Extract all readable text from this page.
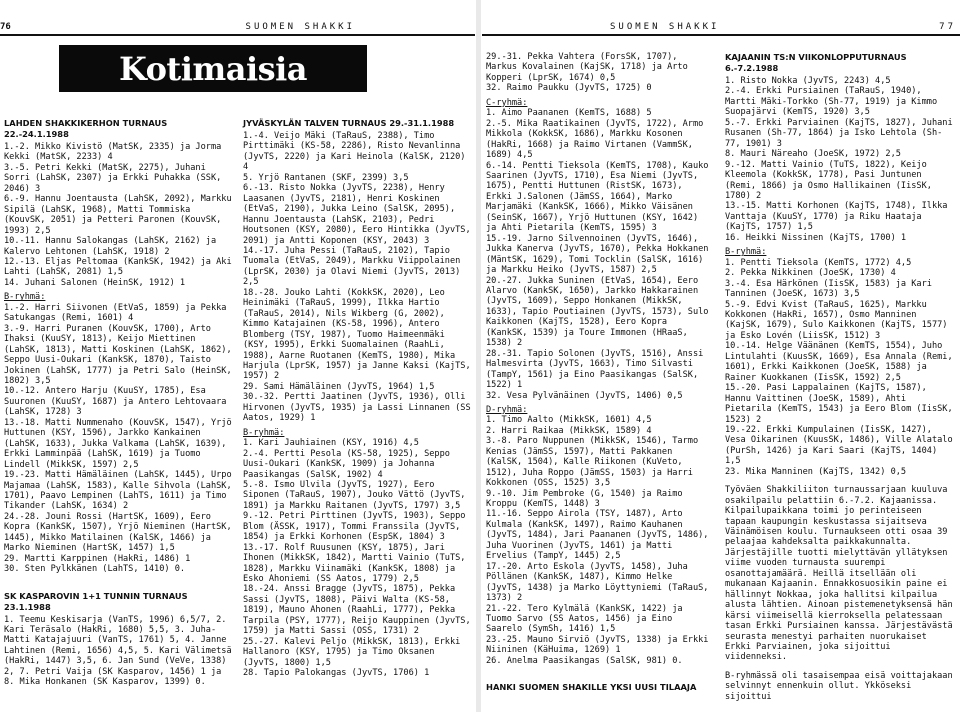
76	SUOMEN SHAKKI
Kotimaisia kilpailuja

LAHDEN SHAKKIKERHON TURNAUS 22.-24.1.1988

1.-2. Mikko Kivistö (MatSK, 2335) ja Jorma Kekki (MatSK, 2233) 4

3.-5. Petri Kekki (MatSK, 2275), Juhani Sorri (LahSK, 2307) ja Erkki Puhakka (SSK, 2046) 3

6.-9. Hannu Joentausta (LahSK, 2092), Markku Sipilä (LahSK, 1968), Matti Tommiska (KouvSK, 2051) ja Petteri Paronen (KouvSK, 1993) 2,5

10.-11. Hannu Salokangas (LahSK, 2162) ja Kalervo Lehtonen (LahSK, 1918) 2

12.-13. Eljas Peltomaa (KankSK, 1942) ja Aki Lahti (LahSK, 2081) 1,5

14. Juhani Salonen (HeinSK, 1912) 1

B-ryhmä:

1.-2. Harri Siivonen (EtVaS, 1859) ja Pekka Satukangas (Remi, 1601) 4

3.-9. Harri Puranen (KouvSK, 1700), Arto Ihaksi (KuuSY, 1813), Keijo Miettinen (LahSK, 1813), Matti Koskinen (LahSK, 1862), Seppo Uusi-Oukari (KankSK, 1870), Taisto Jokinen (LahSK, 1777) ja Petri Salo (HeinSK, 1802) 3,5

10.-12. Antero Harju (KuuSY, 1785), Esa Suuronen (KuuSY, 1687) ja Antero Lehtovaara (LahSK, 1728) 3

13.-18. Matti Nummenaho (KouvSK, 1547), Yrjö Huttunen (KSY, 1596), Jarkko Kankainen (LahSK, 1633), Jukka Valkama (LahSK, 1639), Erkki Lamminpää (LahSK, 1619) ja Tuomo Lindell (MikkSK, 1597) 2,5

19.-23. Matti Hämäläinen (LahSK, 1445), Urpo Majamaa (LahSK, 1583), Kalle Sihvola (LahSK, 1701), Paavo Lempinen (LahTS, 1611) ja Timo Tikander (LahSK, 1634) 2

24.-28. Jouni Rossi (HartSK, 1609), Eero Kopra (KankSK, 1507), Yrjö Nieminen (HartSK, 1445), Mikko Matilainen (KalSK, 1466) ja Marko Nieminen (HartSK, 1457) 1,5

29. Martti Karppinen (HakRi, 1486) 1

30. Sten Pylkkänen (LahTS, 1410) 0.

SK KASPAROVIN 1+1 TUNNIN TURNAUS 23.1.1988

1. Teemu Keskisarja (VanTS, 1996) 6,5/7, 2. Kari Teräsalo (HakRi, 1680) 5,5, 3. Juha-Matti Katajajuuri (VanTS, 1761) 5, 4. Janne Lahtinen (Remi, 1656) 4,5, 5. Kari Välimetsä (HakRi, 1447) 3,5, 6. Jan Sund (VeVe, 1338) 2, 7. Petri Vaija (SK Kasparov, 1456) 1 ja 8. Mika Honkanen (SK Kasparov, 1399) 0.

JYVÄSKYLÄN TALVEN TURNAUS 29.-31.1.1988

1.-4. Veijo Mäki (TaRauS, 2388), Timo Pirttimäki (KS-58, 2286), Risto Nevanlinna (JyvTS, 2220) ja Kari Heinola (KalSK, 2120) 4

5. Yrjö Rantanen (SKF, 2399) 3,5

6.-13. Risto Nokka (JyvTS, 2238), Henry Laasanen (JyvTS, 2181), Henri Koskinen (EtVaS, 2190), Jukka Leino (SalSK, 2095), Hannu Joentausta (LahSK, 2103), Pedri Houtsonen (KSY, 2080), Eero Hintikka (JyvTS, 2091) ja Antti Koponen (KSY, 2043) 3

14.-17. Juha Pessi (TaRauS, 2102), Tapio Tuomala (EtVaS, 2049), Markku Viippolainen (LprSK, 2030) ja Olavi Niemi (JyvTS, 2013) 2,5

18.-28. Jouko Lahti (KokkSK, 2020), Leo Heinimäki (TaRauS, 1999), Ilkka Hartio (TaRauS, 2014), Nils Wikberg (G, 2002), Kimmo Katajainen (KS-58, 1996), Antero Blomberg (TSY, 1987), Tuomo Haimeenmäki (KSY, 1995), Erkki Suomalainen (RaahLi, 1988), Aarne Ruotanen (KemTS, 1980), Mika Harjula (LprSK, 1957) ja Janne Kaksi (KajTS, 1957) 2

29. Sami Hämäläinen (JyvTS, 1964) 1,5

30.-32. Pertti Jaatinen (JyvTS, 1936), Olli Hirvonen (JyvTS, 1935) ja Lassi Linnanen (SS Aatos, 1929) 1

B-ryhmä:

1. Kari Jauhiainen (KSY, 1916) 4,5

2.-4. Pertti Pesola (KS-58, 1925), Seppo Uusi-Oukari (KankSK, 1909) ja Johanna Paasikangas (SalSK, 1902) 4

5.-8. Ismo Ulvila (JyvTS, 1927), Eero Siponen (TaRauS, 1907), Jouko Vättö (JyvTS, 1891) ja Markku Raitanen (JyvTS, 1797) 3,5

9.-12. Petri Pirttinen (JyvTS, 1903), Seppo Blom (ÄSSK, 1917), Tommi Franssila (JyvTS, 1854) ja Erkki Korhonen (EspSK, 1804) 3

13.-17. Rolf Ruusunen (KSY, 1875), Jari Ihonen (MikkSK, 1842), Martti Vainio (TuTS, 1828), Markku Viinamäki (KankSK, 1808) ja Esko Ahoniemi (SS Aatos, 1779) 2,5

18.-24. Anssi Bragge (JyvTS, 1875), Pekka Sassi (JyvTS, 1808), Päivi Walta (KS-58, 1819), Mauno Ahonen (RaahLi, 1777), Pekka Tarpila (PSY, 1777), Reijo Kauppinen (JyvTS, 1759) ja Matti Sassi (OSS, 1731) 2

25.-27. Kalevi Peljo (MikkSK, 1813), Erkki Hallanoro (KSY, 1795) ja Timo Oksanen (JyvTS, 1800) 1,5

28. Tapio Palokangas (JyvTS, 1706) 1

SUOMEN SHAKKI	77

29.-31. Pekka Vahtera (ForsSK, 1707), Markus Kovalainen (KajSK, 1718) ja Arto Kopperi (LprSK, 1674) 0,5

32. Raimo Paukku (JyvTS, 1725) 0

C-ryhmä:

1. Aimo Paananen (KemTS, 1688) 5

2.-5. Mika Raatikainen (JyvTS, 1722), Armo Mikkola (KokkSK, 1686), Markku Kosonen (HakRi, 1668) ja Raimo Virtanen (VammSK, 1689) 4,5

6.-14. Pentti Tieksola (KemTS, 1708), Kauko Saarinen (JyvTS, 1710), Esa Niemi (JyvTS, 1675), Pentti Huttunen (RistSK, 1673), Erkki J.Salonen (JämSS, 1664), Marko Marjamäki (KankSK, 1666), Mikko Väisänen (SeinSK, 1667), Yrjö Huttunen (KSY, 1642) ja Ahti Pietarila (KemTS, 1595) 3

15.-19. Jarno Silvennoinen (JyvTS, 1646), Jukka Kanerva (JyvTS, 1670), Pekka Hokkanen (MäntSK, 1629), Tomi Tocklin (SalSK, 1616) ja Markku Heiko (JyvTS, 1587) 2,5

20.-27. Jukka Suninen (EtVaS, 1654), Eero Alarvo (KankSK, 1650), Jarkko Hakkarainen (JyvTS, 1609), Seppo Honkanen (MikkSK, 1633), Tapio Poutiainen (JyvTS, 1573), Sulo Kaikkonen (KajTS, 1528), Eero Kopra (KankSK, 1539) ja Toure Immonen (HRaaS, 1538) 2

28.-31. Tapio Solonen (JyvTS, 1516), Anssi Halmesvirta (JyvTS, 1663), Timo Silvasti (TampY, 1561) ja Eino Paasikangas (SalSK, 1522) 1

32. Vesa Pylvänäinen (JyvTS, 1406) 0,5

D-ryhmä:

1. Timo Aalto (MikkSK, 1601) 4,5

2. Harri Raikaa (MikkSK, 1589) 4

3.-8. Paro Nuppunen (MikkSK, 1546), Tarmo Kenias (JämSS, 1597), Matti Pakkanen (KalSK, 1504), Kalle Riikonen (KuVeto, 1512), Juha Roppo (JämSS, 1503) ja Harri Kokkonen (OSS, 1525) 3,5

9.-10. Jim Pembroke (G, 1540) ja Raimo Kroppu (KemTS, 1448) 3

11.-16. Seppo Airola (TSY, 1487), Arto Kulmala (KankSK, 1497), Raimo Kauhanen (JyvTS, 1484), Jari Paananen (JyvTS, 1486), Juha Vuorinen (JyvTS, 1461) ja Matti Ervelius (TampY, 1445) 2,5

17.-20. Arto Eskola (JyvTS, 1458), Juha Pöllänen (KankSK, 1487), Kimmo Helke (JyvTS, 1438) ja Marko Löyttyniemi (TaRauS, 1373) 2

21.-22. Tero Kylmälä (KankSK, 1422) ja Tuomo Sarvo (SS Aatos, 1456) ja Eino Saarelo (SymSh, 1416) 1,5

23.-25. Mauno Sirviö (JyvTS, 1338) ja Erkki Niininen (KäHuima, 1269) 1

26. Anelma Paasikangas (SalSK, 981) 0.

HANKI SUOMEN SHAKILLE YKSI UUSI TILAAJA

KAJAANIN TS:N VIIKONLOPPUTURNAUS 6.-7.2.1988

1. Risto Nokka (JyvTS, 2243) 4,5

2.-4. Erkki Pursiainen (TaRauS, 1940), Martti Mäki-Torkko (Sh-77, 1919) ja Kimmo Suopajärvi (KemTS, 1920) 3,5

5.-7. Erkki Parviainen (KajTS, 1827), Juhani Rusanen (Sh-77, 1864) ja Isko Lehtola (Sh-77, 1901) 3

8. Mauri Näreaho (JoeSK, 1972) 2,5

9.-12. Matti Vainio (TuTS, 1822), Keijo Kleemola (KokkSK, 1778), Pasi Juntunen (Remi, 1866) ja Osmo Hallikainen (IisSK, 1780) 2

13.-15. Matti Korhonen (KajTS, 1748), Ilkka Vanttaja (KuuSY, 1770) ja Riku Haataja (KajTS, 1757) 1,5

16. Heikki Nissinen (KajTS, 1700) 1

B-ryhmä:

1. Pentti Tieksola (KemTS, 1772) 4,5

2. Pekka Nikkinen (JoeSK, 1730) 4

3.-4. Esa Härkönen (IisSK, 1583) ja Kari Tanninen (JoeSK, 1673) 3,5

5.-9. Edvi Kvist (TaRauS, 1625), Markku Kokkonen (HakRi, 1657), Osmo Manninen (KajSK, 1679), Sulo Kaikkonen (KajTS, 1577) ja Esko Lovén (LiisSK, 1512) 3

10.-14. Helge Väänänen (KemTS, 1554), Juho Lintulahti (KuusSK, 1669), Esa Annala (Remi, 1601), Erkki Kaikkonen (JoeSK, 1588) ja Rainer Kuokkanen (IisSK, 1592) 2,5

15.-20. Pasi Lappalainen (KajTS, 1587), Hannu Vaittinen (JoeSK, 1589), Ahti Pietarila (KemTS, 1543) ja Eero Blom (IisSK, 1523) 2

19.-22. Erkki Kumpulainen (IisSK, 1427), Vesa Oikarinen (KuusSK, 1486), Ville Alatalo (PurSh, 1426) ja Kari Saari (KajTS, 1404) 1,5

23. Mika Manninen (KajTS, 1342) 0,5

Työväen Shakkiliiton turnaussarjaan kuuluva osakilpailu pelattiin 6.-7.2. Kajaanissa. Kilpailupaikkana toimi jo perinteiseen tapaan kaupungin keskustassa sijaitseva Väinämöisen koulu. Turnaukseen otti osaa 39 pelaajaa kahdeksalta paikkakunnalta. Järjestäjille tuotti mielyttävän yllätyksen viime vuoden turnausta suurempi osanottajamäärä. Heillä itsellään oli mukanaan Kajaanin. Ennakkosuosikin paine ei hällinnyt Nokkaa, joka hallitsi kilpailua alusta lähtien. Ainoan pistemenetyksensä hän kärsi viimeisellä kierroksella pelatessaan tasan Erkki Pursiainen kanssa. Järjestävästä seurasta menestyi parhaiten nuorukaiset Erkki Parviainen, joka sijoittui viidenneksi.

B-ryhmässä oli tasaisempaa eisä voittajakaan selvinnyt ennenkuin ollut. Ykköseksi sijoittui
